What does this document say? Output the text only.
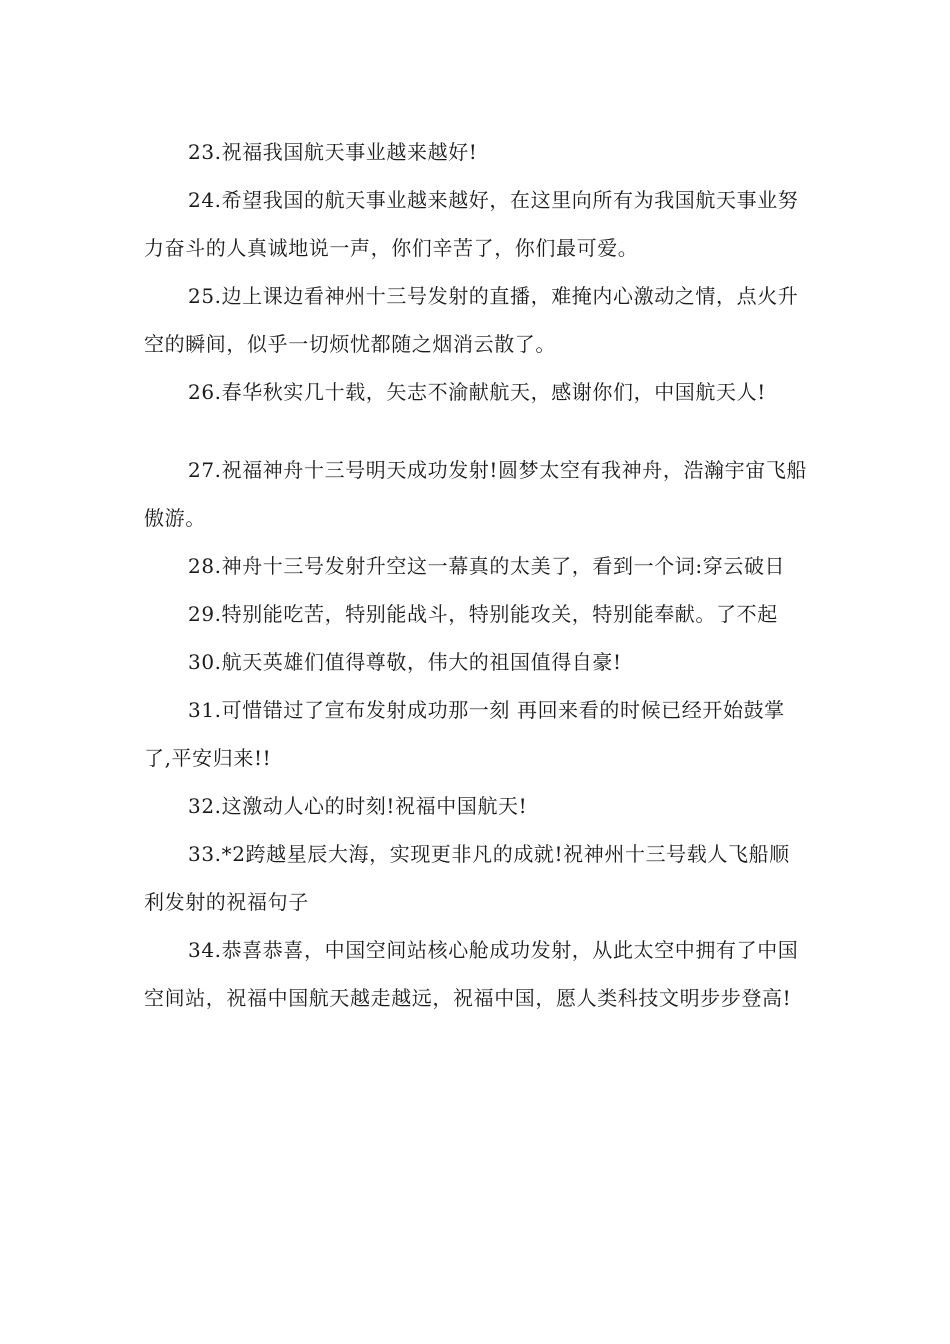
23.祝福我国航天事业越来越好!

24.希望我国的航天事业越来越好，在这里向所有为我国航天事业努力奋斗的人真诚地说一声，你们辛苦了，你们最可爱。

25.边上课边看神州十三号发射的直播，难掩内心激动之情，点火升空的瞬间，似乎一切烦忧都随之烟消云散了。

26.春华秋实几十载，矢志不渝献航天，感谢你们，中国航天人!

27.祝福神舟十三号明天成功发射!圆梦太空有我神舟，浩瀚宇宙飞船傲游。

28.神舟十三号发射升空这一幕真的太美了，看到一个词:穿云破日

29.特别能吃苦，特别能战斗，特别能攻关，特别能奉献。了不起

30.航天英雄们值得尊敬，伟大的祖国值得自豪!

31.可惜错过了宣布发射成功那一刻 再回来看的时候已经开始鼓掌了,平安归来!!

32.这激动人心的时刻!祝福中国航天!

33.*2跨越星辰大海，实现更非凡的成就!祝神州十三号载人飞船顺利发射的祝福句子

34.恭喜恭喜，中国空间站核心舱成功发射，从此太空中拥有了中国空间站，祝福中国航天越走越远，祝福中国，愿人类科技文明步步登高!
